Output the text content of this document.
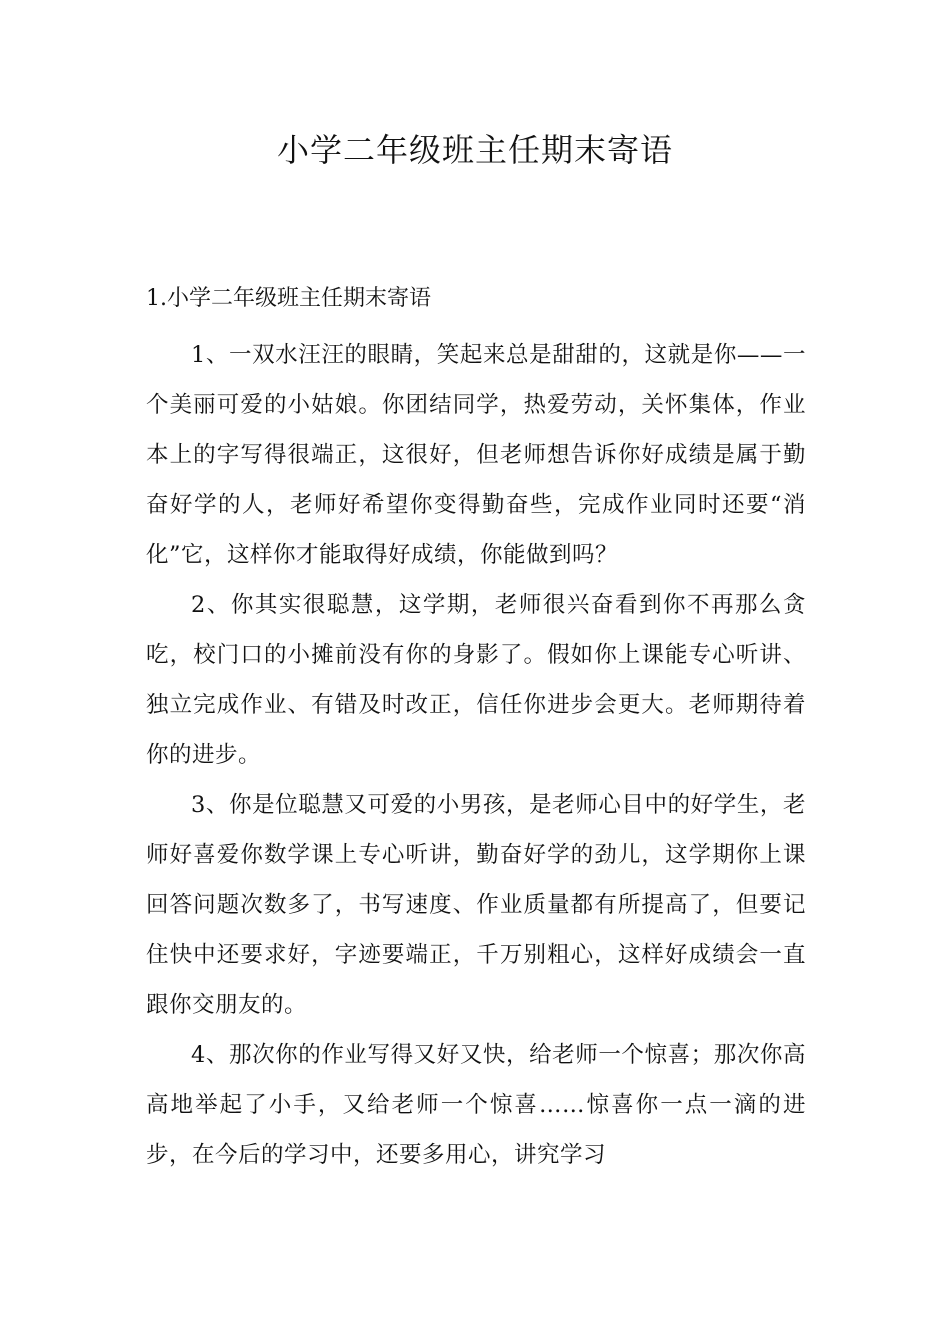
小学二年级班主任期末寄语

1.小学二年级班主任期末寄语

1、一双水汪汪的眼睛，笑起来总是甜甜的，这就是你——一个美丽可爱的小姑娘。你团结同学，热爱劳动，关怀集体，作业本上的字写得很端正，这很好，但老师想告诉你好成绩是属于勤奋好学的人，老师好希望你变得勤奋些，完成作业同时还要“消化”它，这样你才能取得好成绩，你能做到吗？

2、你其实很聪慧，这学期，老师很兴奋看到你不再那么贪吃，校门口的小摊前没有你的身影了。假如你上课能专心听讲、独立完成作业、有错及时改正，信任你进步会更大。老师期待着你的进步。

3、你是位聪慧又可爱的小男孩，是老师心目中的好学生，老师好喜爱你数学课上专心听讲，勤奋好学的劲儿，这学期你上课回答问题次数多了，书写速度、作业质量都有所提高了，但要记住快中还要求好，字迹要端正，千万别粗心，这样好成绩会一直跟你交朋友的。

4、那次你的作业写得又好又快，给老师一个惊喜；那次你高高地举起了小手，又给老师一个惊喜……惊喜你一点一滴的进步，在今后的学习中，还要多用心，讲究学习
